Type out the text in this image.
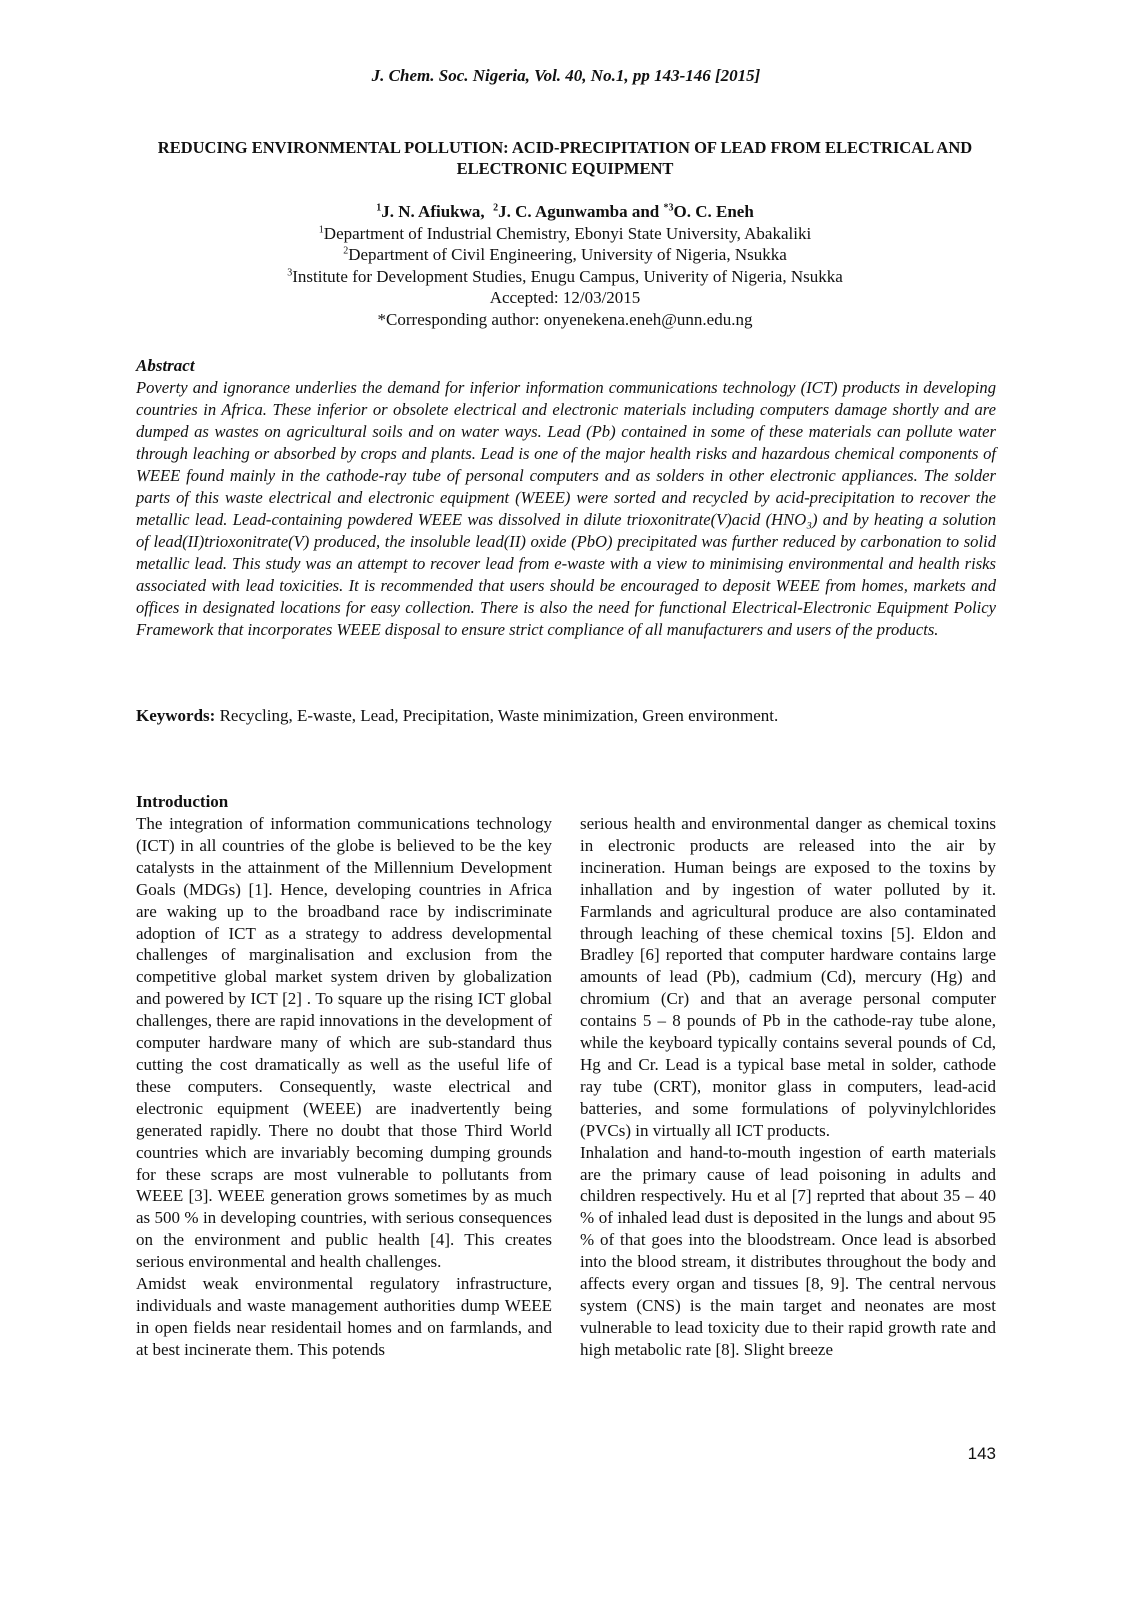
J. Chem. Soc. Nigeria, Vol. 40, No.1, pp 143-146 [2015]
REDUCING ENVIRONMENTAL POLLUTION: ACID-PRECIPITATION OF LEAD FROM ELECTRICAL AND ELECTRONIC EQUIPMENT
$^1$J. N. Afiukwa, $^2$J. C. Agunwamba and $^{*3}$O. C. Eneh
$^1$Department of Industrial Chemistry, Ebonyi State University, Abakaliki
$^2$Department of Civil Engineering, University of Nigeria, Nsukka
$^3$Institute for Development Studies, Enugu Campus, Univerity of Nigeria, Nsukka
Accepted: 12/03/2015
*Corresponding author: onyenekena.eneh@unn.edu.ng
Abstract

Poverty and ignorance underlies the demand for inferior information communications technology (ICT) products in developing countries in Africa. These inferior or obsolete electrical and electronic materials including computers damage shortly and are dumped as wastes on agricultural soils and on water ways. Lead (Pb) contained in some of these materials can pollute water through leaching or absorbed by crops and plants. Lead is one of the major health risks and hazardous chemical components of WEEE found mainly in the cathode-ray tube of personal computers and as solders in other electronic appliances. The solder parts of this waste electrical and electronic equipment (WEEE) were sorted and recycled by acid-precipitation to recover the metallic lead. Lead-containing powdered WEEE was dissolved in dilute trioxonitrate(V)acid (HNO₃) and by heating a solution of lead(II)trioxonitrate(V) produced, the insoluble lead(II) oxide (PbO) precipitated was further reduced by carbonation to solid metallic lead. This study was an attempt to recover lead from e-waste with a view to minimising environmental and health risks associated with lead toxicities. It is recommended that users should be encouraged to deposit WEEE from homes, markets and offices in designated locations for easy collection. There is also the need for functional Electrical-Electronic Equipment Policy Framework that incorporates WEEE disposal to ensure strict compliance of all manufacturers and users of the products.

Keywords: Recycling, E-waste, Lead, Precipitation, Waste minimization, Green environment.
Introduction

The integration of information communications technology (ICT) in all countries of the globe is believed to be the key catalysts in the attainment of the Millennium Development Goals (MDGs) [1]. Hence, developing countries in Africa are waking up to the broadband race by indiscriminate adoption of ICT as a strategy to address developmental challenges of marginalisation and exclusion from the competitive global market system driven by globalization and powered by ICT [2] . To square up the rising ICT global challenges, there are rapid innovations in the development of computer hardware many of which are sub-standard thus cutting the cost dramatically as well as the useful life of these computers. Consequently, waste electrical and electronic equipment (WEEE) are inadvertently being generated rapidly. There no doubt that those Third World countries which are invariably becoming dumping grounds for these scraps are most vulnerable to pollutants from WEEE [3]. WEEE generation grows sometimes by as much as 500 % in developing countries, with serious consequences on the environment and public health [4]. This creates serious environmental and health challenges.

Amidst weak environmental regulatory infrastructure, individuals and waste management authorities dump WEEE in open fields near residentail homes and on farmlands, and at best incinerate them. This potends

serious health and environmental danger as chemical toxins in electronic products are released into the air by incineration. Human beings are exposed to the toxins by inhallation and by ingestion of water polluted by it. Farmlands and agricultural produce are also contaminated through leaching of these chemical toxins [5]. Eldon and Bradley [6] reported that computer hardware contains large amounts of lead (Pb), cadmium (Cd), mercury (Hg) and chromium (Cr) and that an average personal computer contains 5 – 8 pounds of Pb in the cathode-ray tube alone, while the keyboard typically contains several pounds of Cd, Hg and Cr. Lead is a typical base metal in solder, cathode ray tube (CRT), monitor glass in computers, lead-acid batteries, and some formulations of polyvinylchlorides (PVCs) in virtually all ICT products.

Inhalation and hand-to-mouth ingestion of earth materials are the primary cause of lead poisoning in adults and children respectively. Hu et al [7] reprted that about 35 – 40 % of inhaled lead dust is deposited in the lungs and about 95 % of that goes into the bloodstream. Once lead is absorbed into the blood stream, it distributes throughout the body and affects every organ and tissues [8, 9]. The central nervous system (CNS) is the main target and neonates are most vulnerable to lead toxicity due to their rapid growth rate and high metabolic rate [8]. Slight breeze

143
